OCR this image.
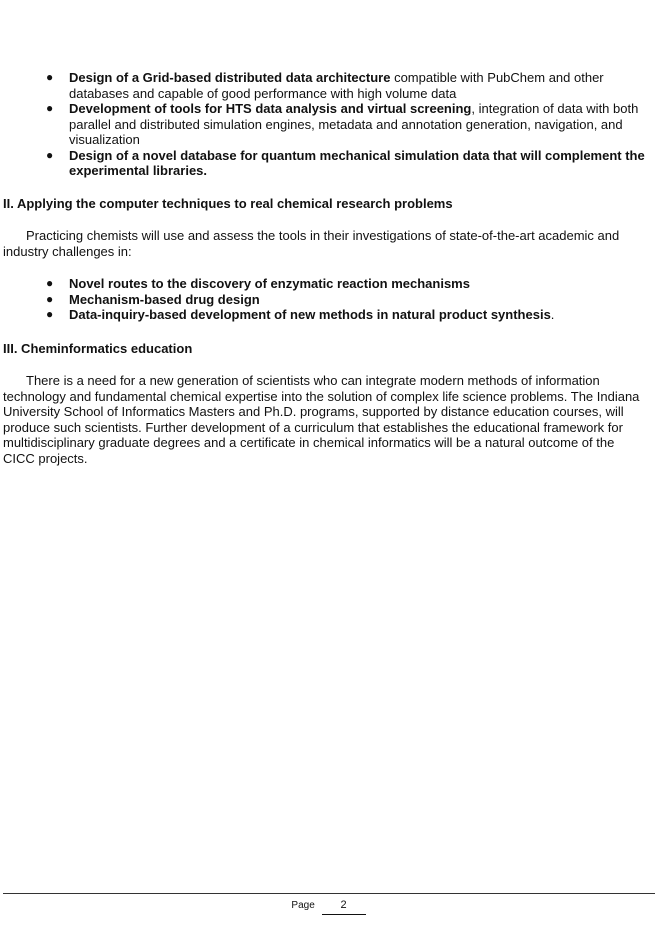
● Design of a Grid-based distributed data architecture compatible with PubChem and other databases and capable of good performance with high volume data
● Development of tools for HTS data analysis and virtual screening, integration of data with both parallel and distributed simulation engines, metadata and annotation generation, navigation, and visualization
● Design of a novel database for quantum mechanical simulation data that will complement the experimental libraries.
II. Applying the computer techniques to real chemical research problems

Practicing chemists will use and assess the tools in their investigations of state-of-the-art academic and industry challenges in:

● Novel routes to the discovery of enzymatic reaction mechanisms
● Mechanism-based drug design
● Data-inquiry-based development of new methods in natural product synthesis.
III. Cheminformatics education

There is a need for a new generation of scientists who can integrate modern methods of information technology and fundamental chemical expertise into the solution of complex life science problems. The Indiana University School of Informatics Masters and Ph.D. programs, supported by distance education courses, will produce such scientists. Further development of a curriculum that establishes the educational framework for multidisciplinary graduate degrees and a certificate in chemical informatics will be a natural outcome of the CICC projects.

Page 2
